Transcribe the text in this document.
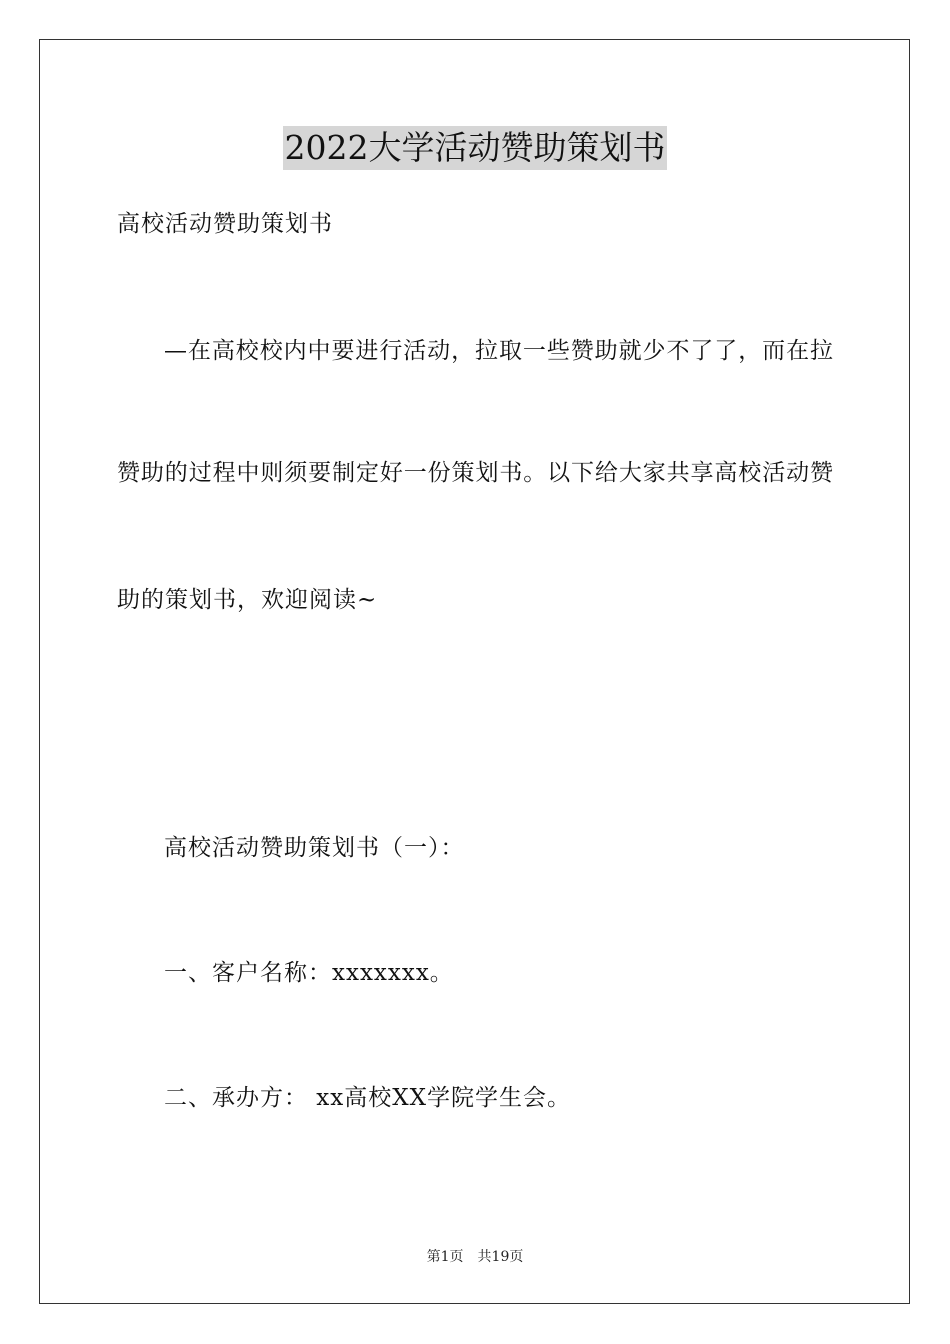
2022大学活动赞助策划书
高校活动赞助策划书
—在高校校内中要进行活动，拉取一些赞助就少不了了，而在拉
赞助的过程中则须要制定好一份策划书。以下给大家共享高校活动赞
助的策划书，欢迎阅读~
高校活动赞助策划书（一）：
一、客户名称：xxxxxxx。
二、承办方： xx高校XX学院学生会。
第1页 共19页
